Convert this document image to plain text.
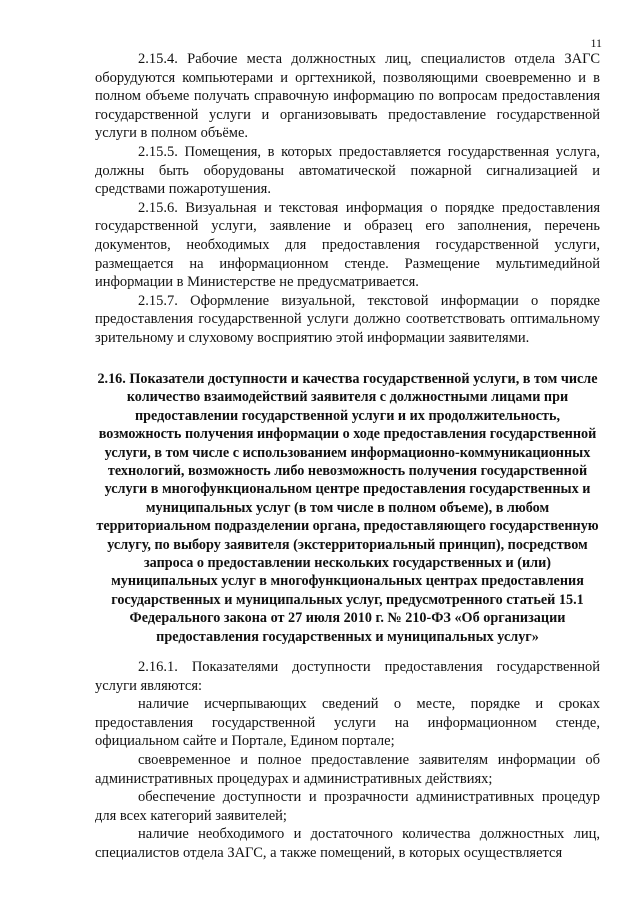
11

2.15.4. Рабочие места должностных лиц, специалистов отдела ЗАГС оборудуются компьютерами и оргтехникой, позволяющими своевременно и в полном объеме получать справочную информацию по вопросам предоставления государственной услуги и организовывать предоставление государственной услуги в полном объёме.

2.15.5. Помещения, в которых предоставляется государственная услуга, должны быть оборудованы автоматической пожарной сигнализацией и средствами пожаротушения.

2.15.6. Визуальная и текстовая информация о порядке предоставления государственной услуги, заявление и образец его заполнения, перечень документов, необходимых для предоставления государственной услуги, размещается на информационном стенде. Размещение мультимедийной информации в Министерстве не предусматривается.

2.15.7. Оформление визуальной, текстовой информации о порядке предоставления государственной услуги должно соответствовать оптимальному зрительному и слуховому восприятию этой информации заявителями.

2.16. Показатели доступности и качества государственной услуги, в том числе количество взаимодействий заявителя с должностными лицами при предоставлении государственной услуги и их продолжительность, возможность получения информации о ходе предоставления государственной услуги, в том числе с использованием информационно-коммуникационных технологий, возможность либо невозможность получения государственной услуги в многофункциональном центре предоставления государственных и муниципальных услуг (в том числе в полном объеме), в любом территориальном подразделении органа, предоставляющего государственную услугу, по выбору заявителя (экстерриториальный принцип), посредством запроса о предоставлении нескольких государственных и (или) муниципальных услуг в многофункциональных центрах предоставления государственных и муниципальных услуг, предусмотренного статьей 15.1 Федерального закона от 27 июля 2010 г. № 210-ФЗ «Об организации предоставления государственных и муниципальных услуг»

2.16.1. Показателями доступности предоставления государственной услуги являются:

наличие исчерпывающих сведений о месте, порядке и сроках предоставления государственной услуги на информационном стенде, официальном сайте и Портале, Едином портале;

своевременное и полное предоставление заявителям информации об административных процедурах и административных действиях;

обеспечение доступности и прозрачности административных процедур для всех категорий заявителей;

наличие необходимого и достаточного количества должностных лиц, специалистов отдела ЗАГС, а также помещений, в которых осуществляется
